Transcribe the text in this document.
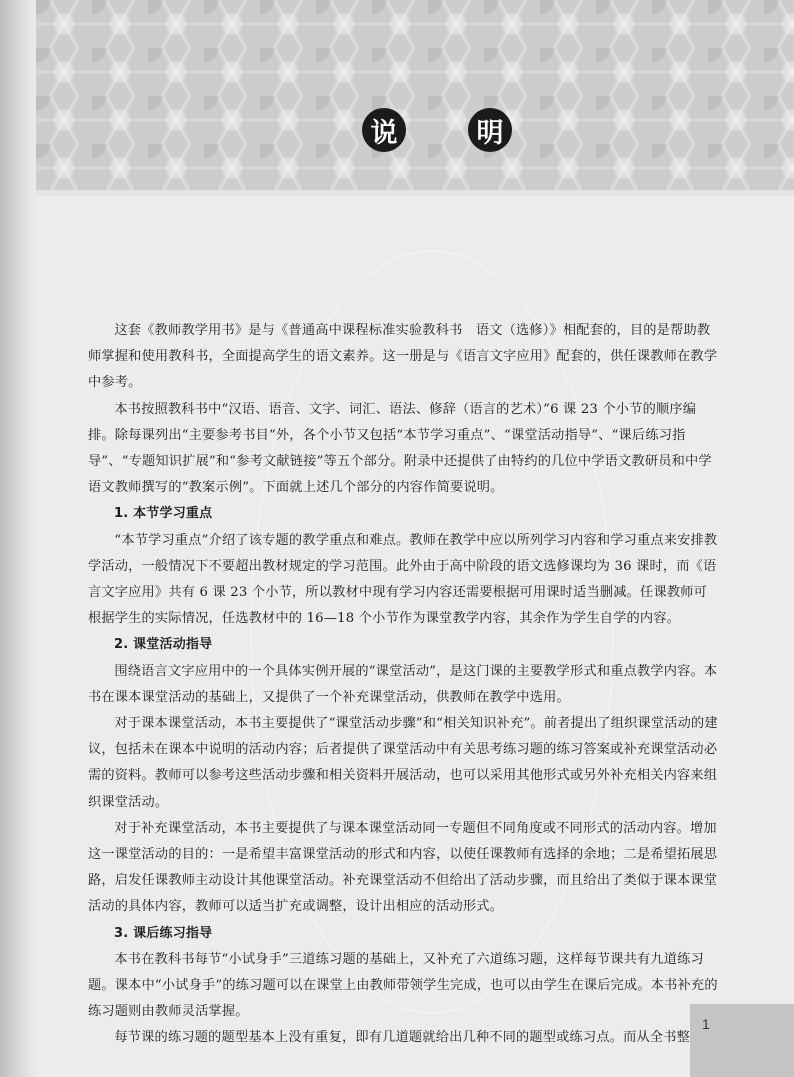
说	明

这套《教师教学用书》是与《普通高中课程标准实验教科书　语文（选修）》相配套的，目的是帮助教师掌握和使用教科书，全面提高学生的语文素养。这一册是与《语言文字应用》配套的，供任课教师在教学中参考。

本书按照教科书中“汉语、语音、文字、词汇、语法、修辞（语言的艺术）”6 课 23 个小节的顺序编排。除每课列出“主要参考书目”外，各个小节又包括“本节学习重点”、“课堂活动指导”、“课后练习指导”、“专题知识扩展”和“参考文献链接”等五个部分。附录中还提供了由特约的几位中学语文教研员和中学语文教师撰写的“教案示例”。下面就上述几个部分的内容作简要说明。

1. 本节学习重点

“本节学习重点”介绍了该专题的教学重点和难点。教师在教学中应以所列学习内容和学习重点来安排教学活动，一般情况下不要超出教材规定的学习范围。此外由于高中阶段的语文选修课均为 36 课时，而《语言文字应用》共有 6 课 23 个小节，所以教材中现有学习内容还需要根据可用课时适当删减。任课教师可根据学生的实际情况，任选教材中的 16—18 个小节作为课堂教学内容，其余作为学生自学的内容。

2. 课堂活动指导

围绕语言文字应用中的一个具体实例开展的“课堂活动”，是这门课的主要教学形式和重点教学内容。本书在课本课堂活动的基础上，又提供了一个补充课堂活动，供教师在教学中选用。

对于课本课堂活动，本书主要提供了“课堂活动步骤”和“相关知识补充”。前者提出了组织课堂活动的建议，包括未在课本中说明的活动内容；后者提供了课堂活动中有关思考练习题的练习答案或补充课堂活动必需的资料。教师可以参考这些活动步骤和相关资料开展活动，也可以采用其他形式或另外补充相关内容来组织课堂活动。

对于补充课堂活动，本书主要提供了与课本课堂活动同一专题但不同角度或不同形式的活动内容。增加这一课堂活动的目的：一是希望丰富课堂活动的形式和内容，以使任课教师有选择的余地；二是希望拓展思路，启发任课教师主动设计其他课堂活动。补充课堂活动不但给出了活动步骤，而且给出了类似于课本课堂活动的具体内容，教师可以适当扩充或调整，设计出相应的活动形式。

3. 课后练习指导

本书在教科书每节“小试身手”三道练习题的基础上，又补充了六道练习题，这样每节课共有九道练习题。课本中“小试身手”的练习题可以在课堂上由教师带领学生完成，也可以由学生在课后完成。本书补充的练习题则由教师灵活掌握。

每节课的练习题的题型基本上没有重复，即有几道题就给出几种不同的题型或练习点。而从全书整

1
